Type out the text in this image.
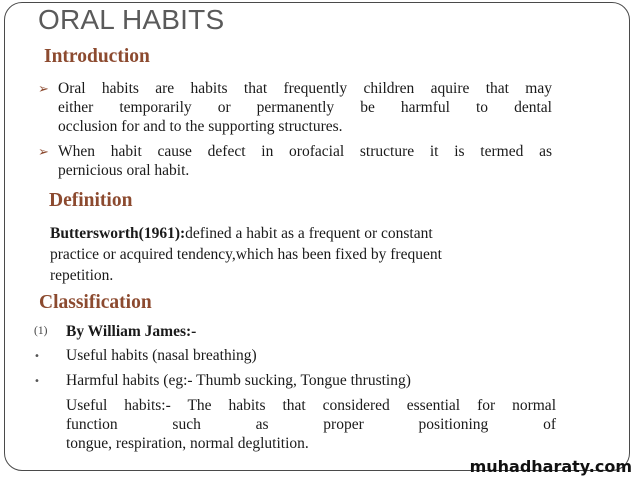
ORAL HABITS
Introduction
➢ Oral habits are habits that frequently children aquire that may
either temporarily or permanently be harmful to dental
occlusion for and to the supporting structures.
➢ When habit cause defect in orofacial structure it is termed as
pernicious oral habit.
Definition
Buttersworth(1961):defined a habit as a frequent or constant
practice or acquired tendency,which has been fixed by frequent
repetition.
Classification
(1) By William James:-
• Useful habits (nasal breathing)
• Harmful habits (eg:- Thumb sucking, Tongue thrusting)
Useful habits:- The habits that considered essential for normal
function such as proper positioning of
tongue, respiration, normal deglutition.
muhadharaty.com
